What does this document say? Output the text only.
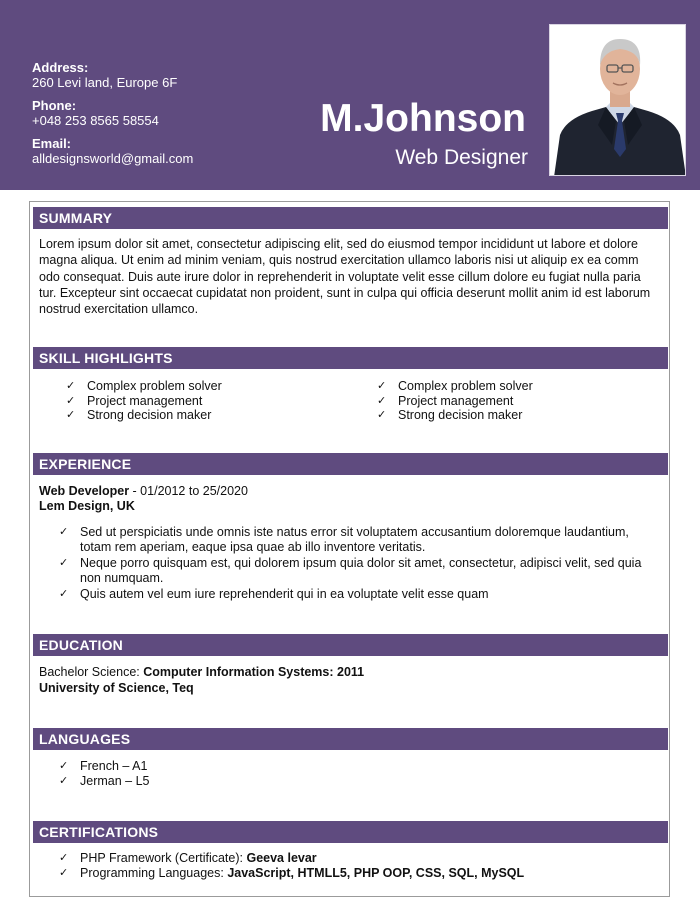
Address:
260 Levi land, Europe 6F
Phone:
+048 253 8565 58554
Email:
alldesignsworld@gmail.com
M.Johnson
Web Designer
SUMMARY

Lorem ipsum dolor sit amet, consectetur adipiscing elit, sed do eiusmod tempor incididunt ut labore et dolore magna aliqua. Ut enim ad minim veniam, quis nostrud exercitation ullamco laboris nisi ut aliquip ex ea comm odo consequat. Duis aute irure dolor in reprehenderit in voluptate velit esse cillum dolore eu fugiat nulla paria tur. Excepteur sint occaecat cupidatat non proident, sunt in culpa qui officia deserunt mollit anim id est laborum nostrud exercitation ullamco.

SKILL HIGHLIGHTS
✓ Complex problem solver
✓ Project management
✓ Strong decision maker
✓ Complex problem solver
✓ Project management
✓ Strong decision maker
EXPERIENCE
Web Developer - 01/2012 to 25/2020
Lem Design, UK
✓ Sed ut perspiciatis unde omnis iste natus error sit voluptatem accusantium doloremque laudantium, totam rem aperiam, eaque ipsa quae ab illo inventore veritatis.
✓ Neque porro quisquam est, qui dolorem ipsum quia dolor sit amet, consectetur, adipisci velit, sed quia non numquam.
✓ Quis autem vel eum iure reprehenderit qui in ea voluptate velit esse quam
EDUCATION
Bachelor Science: Computer Information Systems: 2011
University of Science, Teq
LANGUAGES
✓ French – A1
✓ Jerman – L5
CERTIFICATIONS
✓ PHP Framework (Certificate): Geeva levar
✓ Programming Languages: JavaScript, HTMLL5, PHP OOP, CSS, SQL, MySQL
